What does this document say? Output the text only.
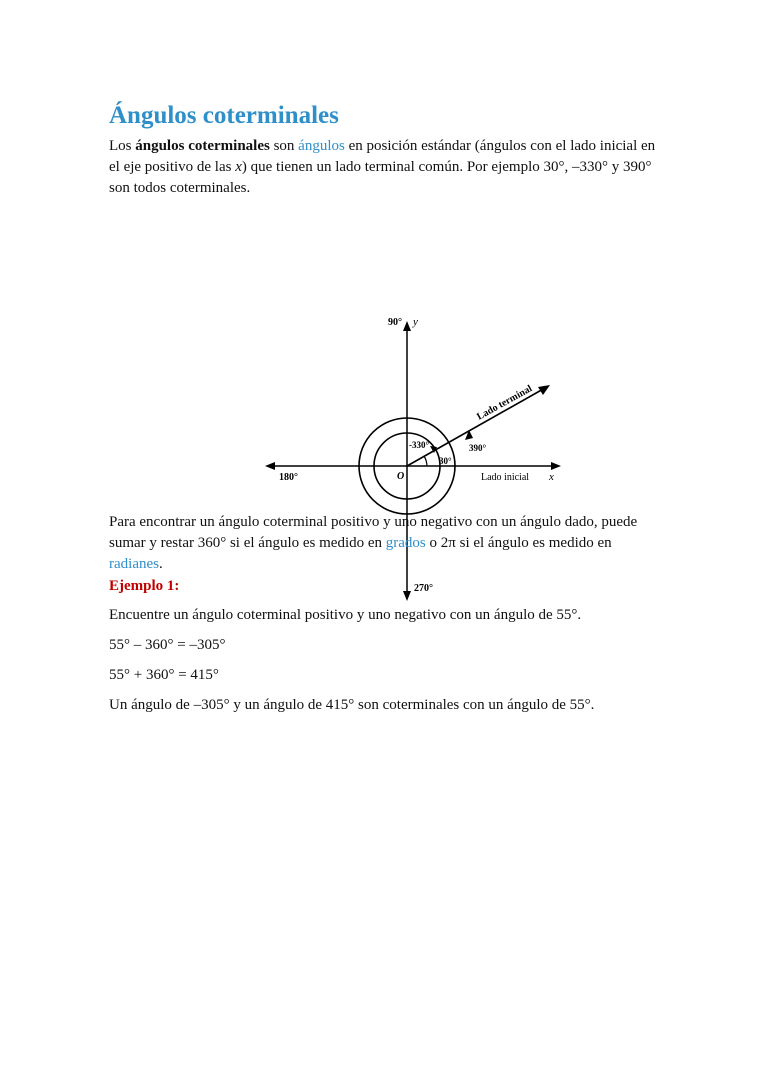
Ángulos coterminales

Los ángulos coterminales son ángulos en posición estándar (ángulos con el lado inicial en el eje positivo de las x) que tienen un lado terminal común. Por ejemplo 30°, –330° y 390° son todos coterminales.

90° y
180°	x
270°
O
-330°
30°
390°
Lado inicial
Lado terminal

Para encontrar un ángulo coterminal positivo y uno negativo con un ángulo dado, puede sumar y restar 360° si el ángulo es medido en grados o 2π si el ángulo es medido en radianes.

Ejemplo 1:

Encuentre un ángulo coterminal positivo y uno negativo con un ángulo de 55°.

55° – 360° = –305°

55° + 360° = 415°

Un ángulo de –305° y un ángulo de 415° son coterminales con un ángulo de 55°.
